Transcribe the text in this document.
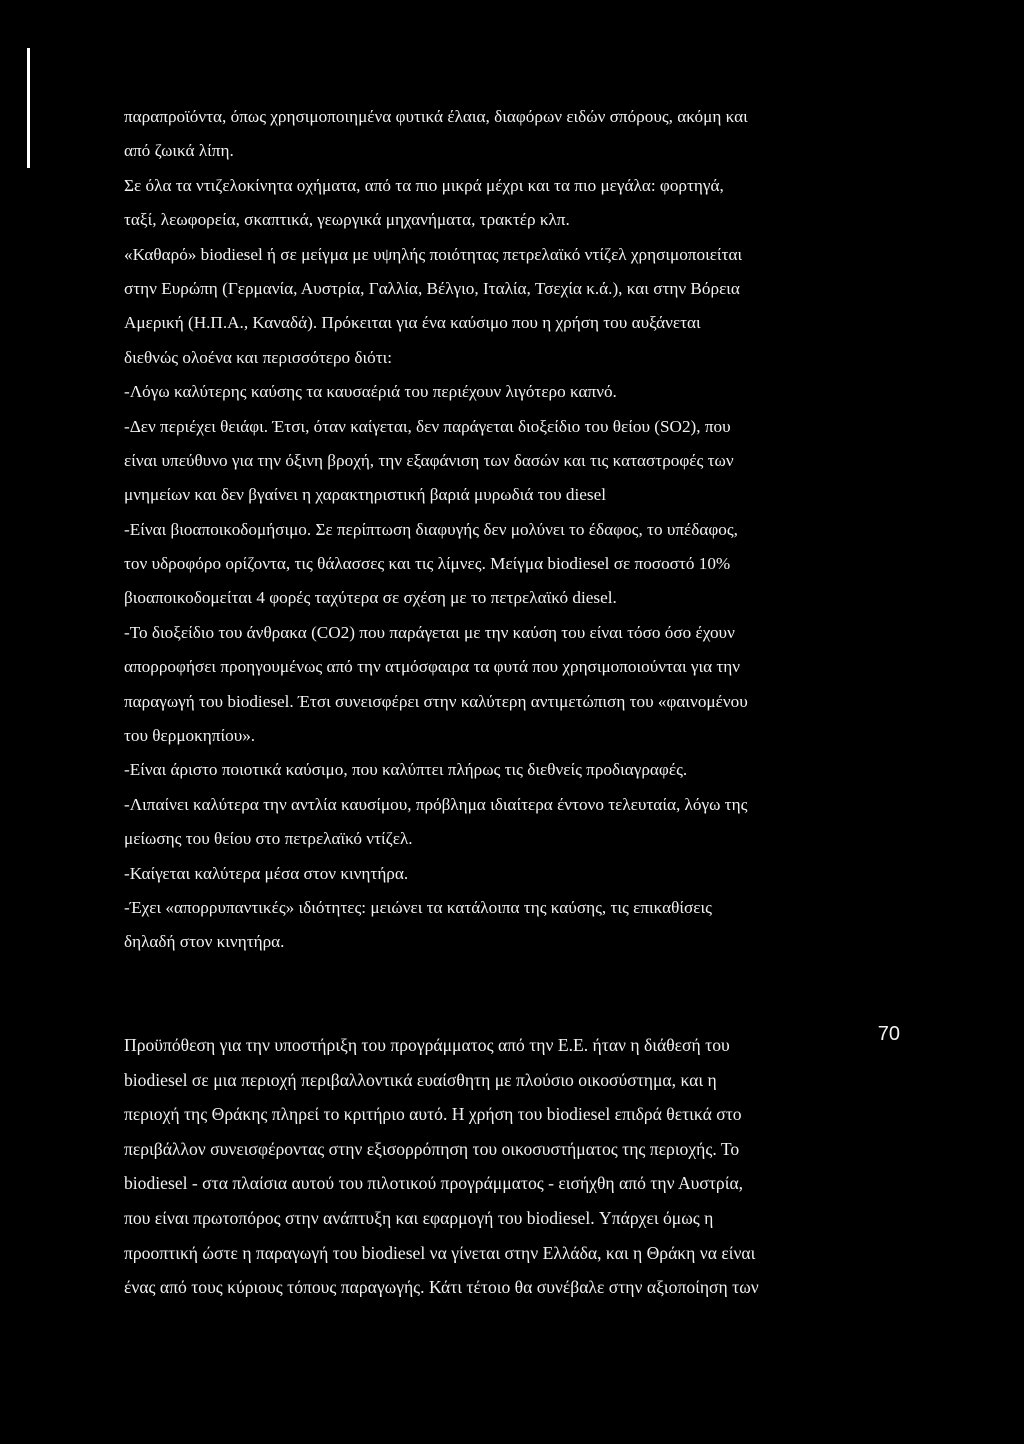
παραπροϊόντα, όπως χρησιμοποιημένα φυτικά έλαια, διαφόρων ειδών σπόρους, ακόμη και
από ζωικά λίπη.
Σε όλα τα ντιζελοκίνητα οχήματα, από τα πιο μικρά μέχρι και τα πιο μεγάλα: φορτηγά,
ταξί, λεωφορεία, σκαπτικά, γεωργικά μηχανήματα, τρακτέρ κλπ.
«Καθαρό» biodiesel ή σε μείγμα με υψηλής ποιότητας πετρελαϊκό ντίζελ χρησιμοποιείται
στην Ευρώπη (Γερμανία, Αυστρία, Γαλλία, Βέλγιο, Ιταλία, Τσεχία κ.ά.), και στην Βόρεια
Αμερική (Η.Π.Α., Καναδά). Πρόκειται για ένα καύσιμο που η χρήση του αυξάνεται
διεθνώς ολοένα και περισσότερο διότι:
-Λόγω καλύτερης καύσης τα καυσαέριά του περιέχουν λιγότερο καπνό.
-Δεν περιέχει θειάφι. Έτσι, όταν καίγεται, δεν παράγεται διοξείδιο του θείου (SO2), που
είναι υπεύθυνο για την όξινη βροχή, την εξαφάνιση των δασών και τις καταστροφές των
μνημείων και δεν βγαίνει η χαρακτηριστική βαριά μυρωδιά του diesel
-Είναι βιοαποικοδομήσιμο. Σε περίπτωση διαφυγής δεν μολύνει το έδαφος, το υπέδαφος,
τον υδροφόρο ορίζοντα, τις θάλασσες και τις λίμνες. Μείγμα biodiesel σε ποσοστό 10%
βιοαποικοδομείται 4 φορές ταχύτερα σε σχέση με το πετρελαϊκό diesel.
-Το διοξείδιο του άνθρακα (CO2) που παράγεται με την καύση του είναι τόσο όσο έχουν
απορροφήσει προηγουμένως από την ατμόσφαιρα τα φυτά που χρησιμοποιούνται για την
παραγωγή του biodiesel. Έτσι συνεισφέρει στην καλύτερη αντιμετώπιση του «φαινομένου
του θερμοκηπίου».
-Είναι άριστο ποιοτικά καύσιμο, που καλύπτει πλήρως τις διεθνείς προδιαγραφές.
-Λιπαίνει καλύτερα την αντλία καυσίμου, πρόβλημα ιδιαίτερα έντονο τελευταία, λόγω της
μείωσης του θείου στο πετρελαϊκό ντίζελ.
-Καίγεται καλύτερα μέσα στον κινητήρα.
-Έχει «απορρυπαντικές» ιδιότητες: μειώνει τα κατάλοιπα της καύσης, τις επικαθίσεις
δηλαδή στον κινητήρα.
Προϋπόθεση για την υποστήριξη του προγράμματος από την Ε.Ε. ήταν η διάθεσή του
biodiesel σε μια περιοχή περιβαλλοντικά ευαίσθητη με πλούσιο οικοσύστημα, και η
περιοχή της Θράκης πληρεί το κριτήριο αυτό. Η χρήση του biodiesel επιδρά θετικά στο
περιβάλλον συνεισφέροντας στην εξισορρόπηση του οικοσυστήματος της περιοχής. Το
biodiesel - στα πλαίσια αυτού του πιλοτικού προγράμματος - εισήχθη από την Αυστρία,
που είναι πρωτοπόρος στην ανάπτυξη και εφαρμογή του biodiesel. Υπάρχει όμως η
προοπτική ώστε η παραγωγή του biodiesel να γίνεται στην Ελλάδα, και η Θράκη να είναι
ένας από τους κύριους τόπους παραγωγής. Κάτι τέτοιο θα συνέβαλε στην αξιοποίηση των
70
